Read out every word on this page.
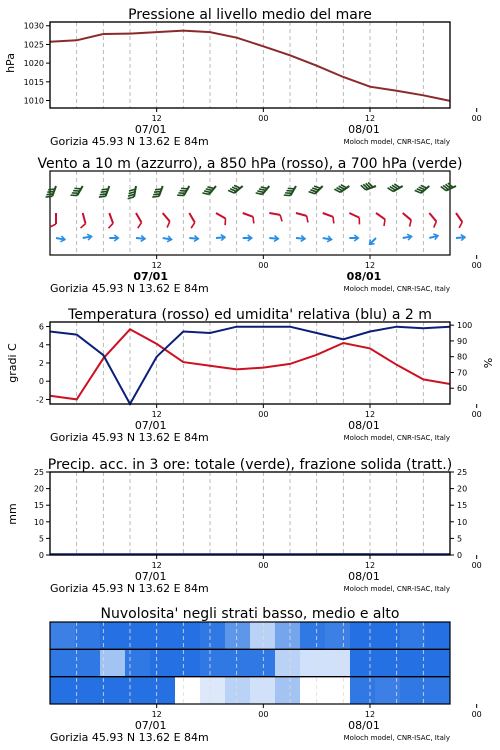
Pressione al livello medio del mare
hPa
12	00	12	00
07/01	08/01
Gorizia 45.93 N 13.62 E 84m	Moloch model, CNR-ISAC, Italy
1010
1015
1020
1025
1030
Vento a 10 m (azzurro), a 850 hPa (rosso), a 700 hPa (verde)
12	00	12	00
07/01	08/01
Gorizia 45.93 N 13.62 E 84m	Moloch model, CNR-ISAC, Italy
Temperatura (rosso) ed umidita' relativa (blu) a 2 m
gradi C	%
12	00	12	00
07/01	08/01
Gorizia 45.93 N 13.62 E 84m	Moloch model, CNR-ISAC, Italy
-2
0
2
4
6
60
70
80
90
100
Precip. acc. in 3 ore: totale (verde), frazione solida (tratt.)
mm
12	00	12	00
07/01	08/01
Gorizia 45.93 N 13.62 E 84m	Moloch model, CNR-ISAC, Italy
0
5
10
15
20
25
0
5
10
15
20
25
Nuvolosita' negli strati basso, medio e alto
12	00	12	00
07/01	08/01
Gorizia 45.93 N 13.62 E 84m	Moloch model, CNR-ISAC, Italy
